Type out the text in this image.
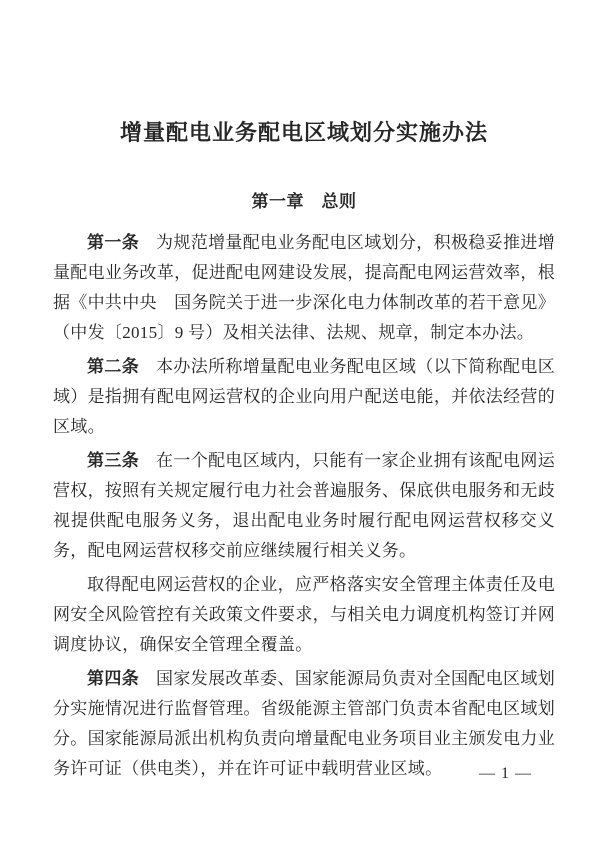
增量配电业务配电区域划分实施办法
第一章　总则

第一条 为规范增量配电业务配电区域划分，积极稳妥推进增量配电业务改革，促进配电网建设发展，提高配电网运营效率，根据《中共中央　国务院关于进一步深化电力体制改革的若干意见》（中发〔2015〕9 号）及相关法律、法规、规章，制定本办法。

第二条 本办法所称增量配电业务配电区域（以下简称配电区域）是指拥有配电网运营权的企业向用户配送电能，并依法经营的区域。

第三条 在一个配电区域内，只能有一家企业拥有该配电网运营权，按照有关规定履行电力社会普遍服务、保底供电服务和无歧视提供配电服务义务，退出配电业务时履行配电网运营权移交义务，配电网运营权移交前应继续履行相关义务。

取得配电网运营权的企业，应严格落实安全管理主体责任及电网安全风险管控有关政策文件要求，与相关电力调度机构签订并网调度协议，确保安全管理全覆盖。

第四条 国家发展改革委、国家能源局负责对全国配电区域划分实施情况进行监督管理。省级能源主管部门负责本省配电区域划分。国家能源局派出机构负责向增量配电业务项目业主颁发电力业务许可证（供电类），并在许可证中载明营业区域。	— 1 —
